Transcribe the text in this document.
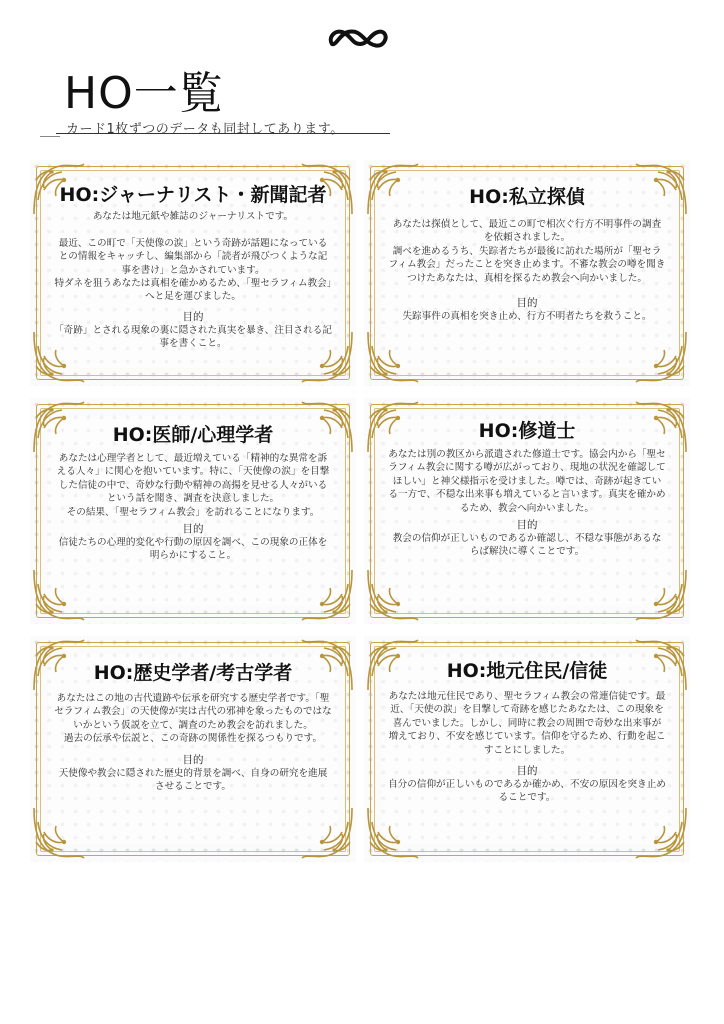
HO一覧

カード1枚ずつのデータも同封してあります。

HO:ジャーナリスト・新聞記者

あなたは地元紙や雑誌のジャーナリストです。

最近、この町で「天使像の涙」という奇跡が話題になっているとの情報をキャッチし、編集部から「読者が飛びつくような記事を書け」と急かされています。
特ダネを狙うあなたは真相を確かめるため、「聖セラフィム教会」へと足を運びました。

目的

「奇跡」とされる現象の裏に隠された真実を暴き、注目される記事を書くこと。

HO:私立探偵

あなたは探偵として、最近この町で相次ぐ行方不明事件の調査を依頼されました。
調べを進めるうち、失踪者たちが最後に訪れた場所が「聖セラフィム教会」だったことを突き止めます。不審な教会の噂を聞きつけたあなたは、真相を探るため教会へ向かいました。

目的

失踪事件の真相を突き止め、行方不明者たちを救うこと。

HO:医師/心理学者

あなたは心理学者として、最近増えている「精神的な異常を訴える人々」に関心を抱いています。特に、「天使像の涙」を目撃した信徒の中で、奇妙な行動や精神の高揚を見せる人々がいるという話を聞き、調査を決意しました。
その結果、「聖セラフィム教会」を訪れることになります。

目的

信徒たちの心理的変化や行動の原因を調べ、この現象の正体を明らかにすること。

HO:修道士

あなたは別の教区から派遣された修道士です。協会内から「聖セラフィム教会に関する噂が広がっており、現地の状況を確認してほしい」と神父様指示を受けました。噂では、奇跡が起きている一方で、不穏な出来事も増えていると言います。真実を確かめるため、教会へ向かいました。

目的

教会の信仰が正しいものであるか確認し、不穏な事態があるならば解決に導くことです。

HO:歴史学者/考古学者

あなたはこの地の古代遺跡や伝承を研究する歴史学者です。「聖セラフィム教会」の天使像が実は古代の邪神を象ったものではないかという仮説を立て、調査のため教会を訪れました。
過去の伝承や伝説と、この奇跡の関係性を探るつもりです。

目的

天使像や教会に隠された歴史的背景を調べ、自身の研究を進展させることです。

HO:地元住民/信徒

あなたは地元住民であり、聖セラフィム教会の常連信徒です。最近、「天使の涙」を目撃して奇跡を感じたあなたは、この現象を喜んでいました。しかし、同時に教会の周囲で奇妙な出来事が増えており、不安を感じています。信仰を守るため、行動を起こすことにしました。

目的

自分の信仰が正しいものであるか確かめ、不安の原因を突き止めることです。
